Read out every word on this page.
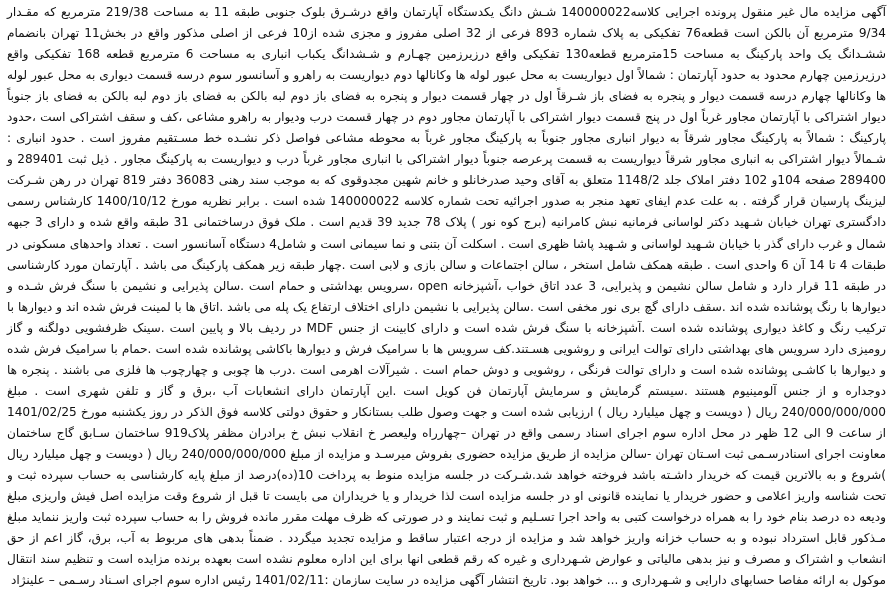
آگهی مزایده مال غیر منقول پرونده اجرایی کلاسه140000022 شـش دانگ یکدستگاه آپارتمان واقع درشـرق بلوک جنوبی طبقه 11 به مساحت 219/38 مترمربع که مقـدار 9/34 مترمربع آن بالکن است قطعه76 تفکیکی به پلاک شماره 893 فرعی از 32 اصلی مفروز و مجزی شده از10 فرعی از اصلی مذکور واقع در بخش11 تهران بانضمام ششـدانگ یک واحد پارکینگ به مساحت 15مترمربع قطعه130 تفکیکی واقع درزیرزمین چهـارم و شـشدانگ یکباب انباری به مساحت 6 مترمربع قطعه 168 تفکیکی واقع درزیرزمین چهارم محدود به حدود آپارتمان : شمالاً اول دیواریست به محل عبور لوله ها وکانالها دوم دیواریست به راهرو و آسانسور سوم درسه قسمت دیواری به محل عبور لوله ها وکانالها چهارم درسه قسمت دیوار و پنجره به فضای باز شـرقاً اول در چهار قسمت دیوار و پنجره به فضای باز دوم لبه بالکن به فضای باز دوم لبه بالکن به فضای باز جنوباً دیوار اشتراکی با آپارتمان مجاور غرباً اول در پنج قسمت دیوار اشتراکی با آپارتمان مجاور دوم در چهار قسمت درب ودیوار به راهرو مشاعی ،کف و سقف اشتراکی است ،حدود پارکینگ : شمالاً به پارکینگ مجاور شرقاً به دیوار انباری مجاور جنوباً به پارکینگ مجاور غرباً به محوطه مشاعی فواصل ذکر نشـده خط مسـتقیم مفروز است . حدود انباری : شـمالاً دیوار اشتراکی به انباری مجاور شرقاً دیواریست به قسمت پرعرصه جنوباً دیوار اشتراکی با انباری مجاور غرباً درب و دیواریست به پارکینگ مجاور . ذیل ثبت 289401 و 289400 صفحه 104و 102 دفتر املاک جلد 1148/2 متعلق به آقای وحید صدرخانلو و خانم شهین مجدوقوی که به موجب سند رهنی 36083 دفتر 819 تهران در رهن شـرکت لیزینگ پارسیان قرار گرفته . به علت عدم ایفای تعهد منجر به صدور اجرائیه تحت شماره کلاسه 140000022 شده است . برابر نظریه مورخ 1400/10/12 کارشناس رسمی دادگستری تهران خیابان شـهید دکتر لواسانی فرمانیه نبش کامرانیه (برج کوه نور ) پلاک 78 جدید 39 قدیم است . ملک فوق درساختمانی 31 طبقه واقع شده و دارای 3 جبهه شمال و غرب دارای گذر با خیابان شـهید لواسانی و شـهید پاشا ظهری است . اسکلت آن بتنی و نما سیمانی است و شامل4 دستگاه آسانسور است . تعداد واحدهای مسکونی در طبقات 4 تا 14 آن 6 واحدی است . طبقه همکف شامل استخر ، سالن اجتماعات و سالن بازی و لابی است .چهار طبقه زیر همکف پارکینگ می باشد . آپارتمان مورد کارشناسی در طبقه 11 قرار دارد و شامل سالن نشیمن و پذیرایی، 3 عدد اتاق خواب ،آشپزخانه open ،سرویس بهداشتی و حمام است .سالن پذیرایی و نشیمن با سنگ فرش شـده و دیوارها با رنگ پوشانده شده اند .سقف دارای گچ بری نور مخفی است .سالن پذیرایی با نشیمن دارای اختلاف ارتفاع یک پله می باشد .اتاق ها با لمینت فرش شده اند و دیوارها با ترکیب رنگ و کاغذ دیواری پوشانده شده است .آشپزخانه با سنگ فرش شده است و دارای کابینت از جنس MDF در ردیف بالا و پایین است .سینک ظرفشویی دولگنه و گاز رومیزی دارد سرویس های بهداشتی دارای توالت ایرانی و روشویی هسـتند.کف سرویس ها با سرامیک فرش و دیوارها باکاشی پوشانده شده است .حمام با سرامیک فرش شده و دیوارها با کاشـی پوشانده شده است و دارای توالت فرنگی ، روشویی و دوش حمام است . شیرآلات اهرمی است .درب ها چوبی و چهارچوب ها فلزی می باشند . پنجره ها دوجداره و از جنس آلومینیوم هستند .سیستم گرمایش و سرمایش آپارتمان فن کویل است .این آپارتمان دارای انشعابات آب ،برق و گاز و تلفن شهری است . مبلغ 240/000/000/000 ریال ( دویست و چهل میلیارد ریال ) ارزیابی شده است و جهت وصول طلب بستانکار و حقوق دولتی کلاسه فوق الذکر در روز یکشنبه مورخ 1401/02/25 از ساعت 9 الی 12 ظهر در محل اداره سوم اجرای اسناد رسمی واقع در تهران –چهارراه ولیعصر خ انقلاب نبش خ برادران مظفر پلاک919 ساختمان سـابق گاج ساختمان معاونت اجرای اسنادرسـمی ثبت اسـتان تهران -سالن مزایده از طریق مزایده حضوری بفروش میرسـد و مزایده از مبلغ 240/000/000/000 ریال ( دویست و چهل میلیارد ریال )شروع و به بالاترین قیمت که خریدار داشـته باشد فروخته خواهد شد.شـرکت در جلسه مزایده منوط به پرداخت 10(ده)درصد از مبلغ پایه کارشناسی به حساب سپرده ثبت و تحت شناسه واریز اعلامی و حضور خریدار یا نماینده قانونی او در جلسه مزایده است لذا خریدار و یا خریداران می بایست تا قبل از شروع وقت مزایده اصل فیش واریزی مبلغ ودیعه ده درصد بنام خود را به همراه درخواست کتبی به واحد اجرا تسـلیم و ثبت نمایند و در صورتی که ظرف مهلت مقرر مانده فروش را به حساب سپرده ثبت واریز ننماید مبلغ مـذکور قابل استرداد نبوده و به حساب خزانه واریز خواهد شد و مزایده از درجه اعتبار ساقط و مزایده تجدید میگردد . ضمناً بدهی های مربوط به آب، برق، گاز اعم از حق انشعاب و اشتراک و مصرف و نیز بدهی مالیاتی و عوارض شـهرداری و غیره که رقم قطعی انها برای این اداره معلوم نشده است بعهده برنده مزایده است و تنظیم سند انتقال موکول به ارائه مفاصا حسابهای دارایی و شـهرداری و ... خواهد بود. تاریخ انتشار آگهی مزایده در سایت سازمان :1401/02/11 رئیس اداره سوم اجرای اسـناد رسـمی – علینژاد
